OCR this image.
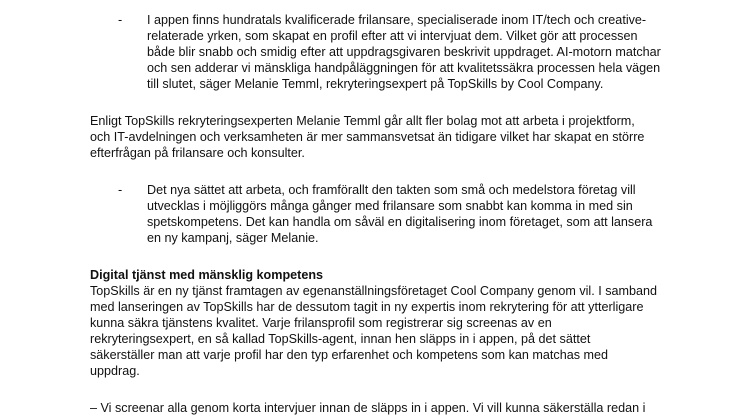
- I appen finns hundratals kvalificerade frilansare, specialiserade inom IT/tech och creative-
relaterade yrken, som skapat en profil efter att vi intervjuat dem. Vilket gör att processen
både blir snabb och smidig efter att uppdragsgivaren beskrivit uppdraget. AI-motorn matchar
och sen adderar vi mänskliga handpåläggningen för att kvalitetssäkra processen hela vägen
till slutet, säger Melanie Temml, rekryteringsexpert på TopSkills by Cool Company.
Enligt TopSkills rekryteringsexperten Melanie Temml går allt fler bolag mot att arbeta i projektform,
och IT-avdelningen och verksamheten är mer sammansvetsat än tidigare vilket har skapat en större
efterfrågan på frilansare och konsulter.
- Det nya sättet att arbeta, och framförallt den takten som små och medelstora företag vill
utvecklas i möjliggörs många gånger med frilansare som snabbt kan komma in med sin
spetskompetens. Det kan handla om såväl en digitalisering inom företaget, som att lansera
en ny kampanj, säger Melanie.
Digital tjänst med mänsklig kompetens
TopSkills är en ny tjänst framtagen av egenanställningsföretaget Cool Company genom vil. I samband
med lanseringen av TopSkills har de dessutom tagit in ny expertis inom rekrytering för att ytterligare
kunna säkra tjänstens kvalitet. Varje frilansprofil som registrerar sig screenas av en
rekryteringsexpert, en så kallad TopSkills-agent, innan hen släpps in i appen, på det sättet
säkerställer man att varje profil har den typ erfarenhet och kompetens som kan matchas med
uppdrag.
– Vi screenar alla genom korta intervjuer innan de släpps in i appen. Vi vill kunna säkerställa redan i
